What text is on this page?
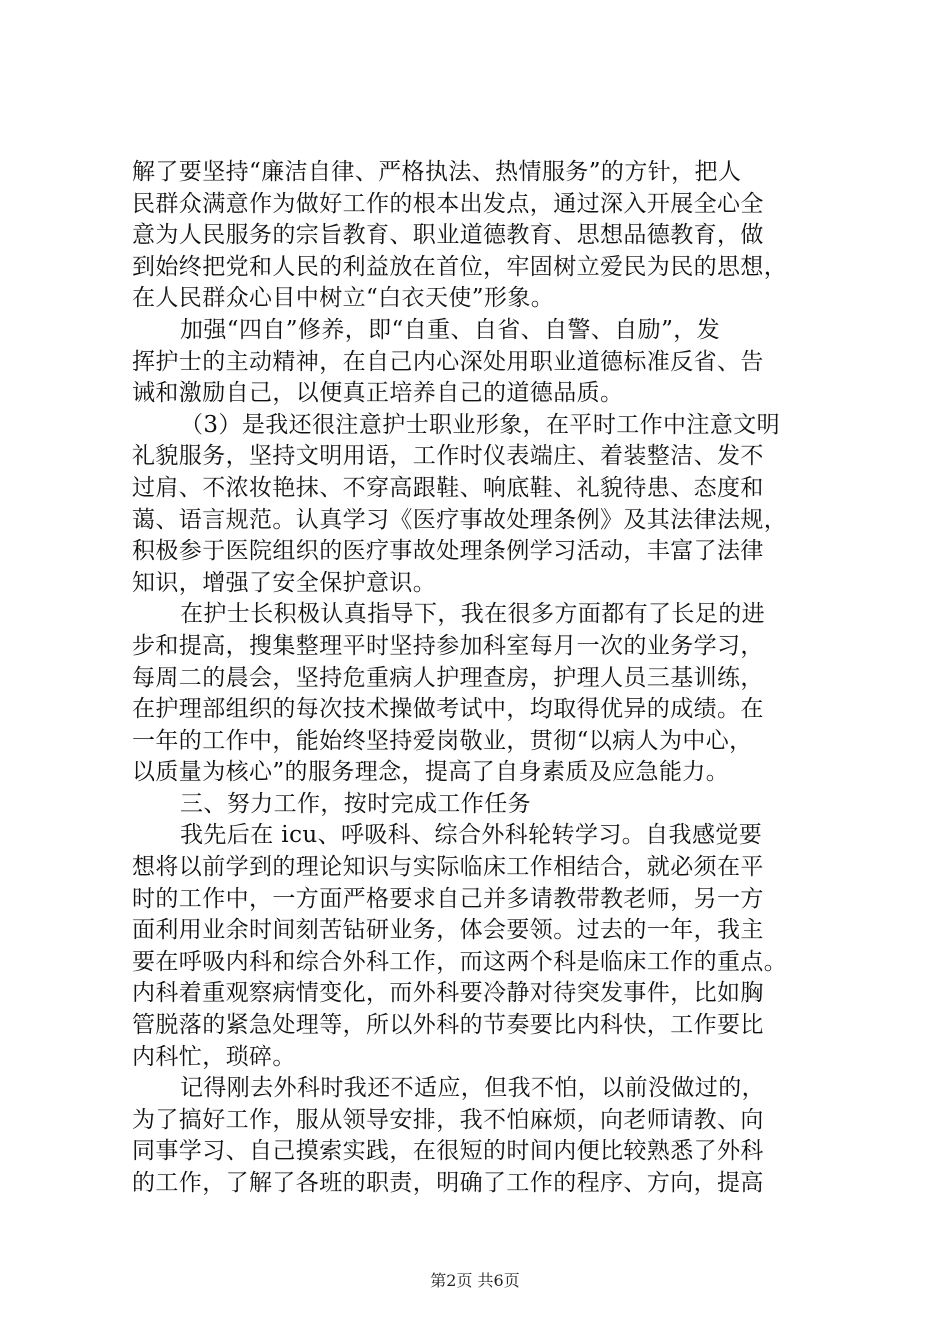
解了要坚持“廉洁自律、严格执法、热情服务”的方针，把人
民群众满意作为做好工作的根本出发点，通过深入开展全心全
意为人民服务的宗旨教育、职业道德教育、思想品德教育，做
到始终把党和人民的利益放在首位，牢固树立爱民为民的思想，
在人民群众心目中树立“白衣天使”形象。
加强“四自”修养，即“自重、自省、自警、自励”，发
挥护士的主动精神，在自己内心深处用职业道德标准反省、告
诫和激励自己，以便真正培养自己的道德品质。
（3）是我还很注意护士职业形象，在平时工作中注意文明
礼貌服务，坚持文明用语，工作时仪表端庄、着装整洁、发不
过肩、不浓妆艳抹、不穿高跟鞋、响底鞋、礼貌待患、态度和
蔼、语言规范。认真学习《医疗事故处理条例》及其法律法规，
积极参于医院组织的医疗事故处理条例学习活动，丰富了法律
知识，增强了安全保护意识。
在护士长积极认真指导下，我在很多方面都有了长足的进
步和提高，搜集整理平时坚持参加科室每月一次的业务学习，
每周二的晨会，坚持危重病人护理查房，护理人员三基训练，
在护理部组织的每次技术操做考试中，均取得优异的成绩。在
一年的工作中，能始终坚持爱岗敬业，贯彻“以病人为中心，
以质量为核心”的服务理念，提高了自身素质及应急能力。
三、努力工作，按时完成工作任务
我先后在 icu、呼吸科、综合外科轮转学习。自我感觉要
想将以前学到的理论知识与实际临床工作相结合，就必须在平
时的工作中，一方面严格要求自己并多请教带教老师，另一方
面利用业余时间刻苦钻研业务，体会要领。过去的一年，我主
要在呼吸内科和综合外科工作，而这两个科是临床工作的重点。
内科着重观察病情变化，而外科要冷静对待突发事件，比如胸
管脱落的紧急处理等，所以外科的节奏要比内科快，工作要比
内科忙，琐碎。
记得刚去外科时我还不适应，但我不怕，以前没做过的，
为了搞好工作，服从领导安排，我不怕麻烦，向老师请教、向
同事学习、自己摸索实践，在很短的时间内便比较熟悉了外科
的工作，了解了各班的职责，明确了工作的程序、方向，提高
第2页 共6页
